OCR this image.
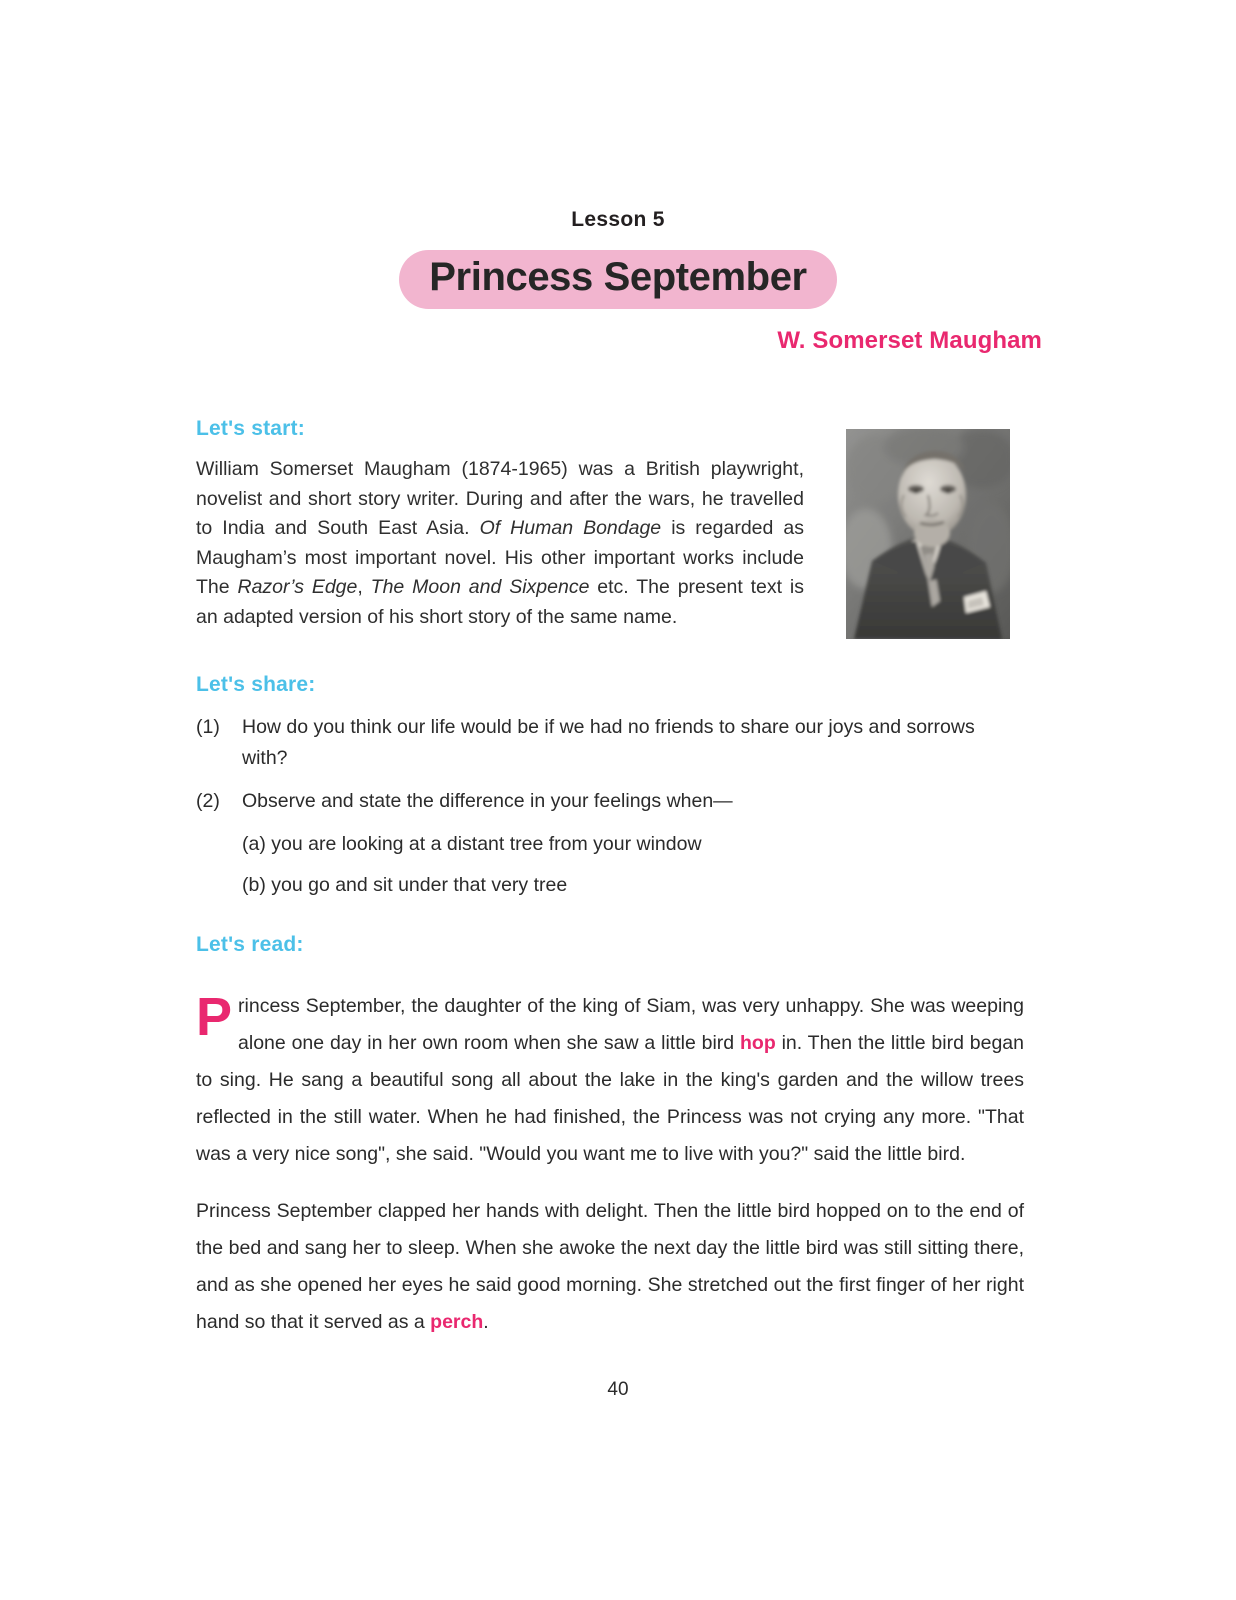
Lesson 5
Princess September
W. Somerset Maugham
Let's start:
William Somerset Maugham (1874-1965) was a British playwright, novelist and short story writer. During and after the wars, he travelled to India and South East Asia. Of Human Bondage is regarded as Maugham’s most important novel. His other important works include The Razor’s Edge, The Moon and Sixpence etc. The present text is an adapted version of his short story of the same name.
Let's share:
(1)	How do you think our life would be if we had no friends to share our joys and sorrows with?
(2)	Observe and state the difference in your feelings when—
(a) you are looking at a distant tree from your window
(b) you go and sit under that very tree
Let's read:

Princess September, the daughter of the king of Siam, was very unhappy. She was weeping alone one day in her own room when she saw a little bird hop in. Then the little bird began to sing. He sang a beautiful song all about the lake in the king's garden and the willow trees reflected in the still water. When he had finished, the Princess was not crying any more. "That was a very nice song", she said. "Would you want me to live with you?" said the little bird.

Princess September clapped her hands with delight. Then the little bird hopped on to the end of the bed and sang her to sleep. When she awoke the next day the little bird was still sitting there, and as she opened her eyes he said good morning. She stretched out the first finger of her right hand so that it served as a perch.

40
